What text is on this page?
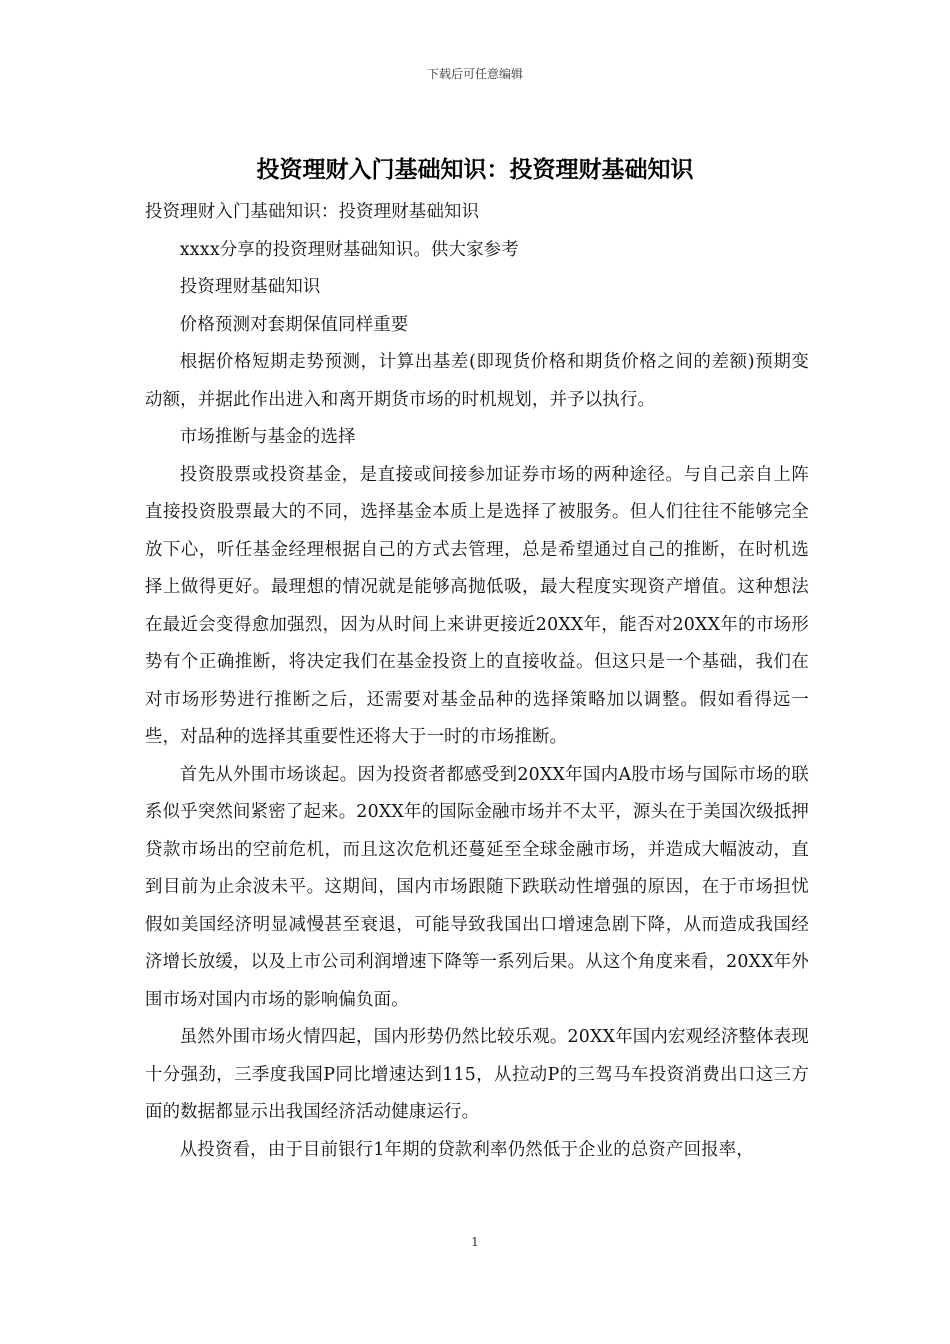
下载后可任意编辑
投资理财入门基础知识：投资理财基础知识

投资理财入门基础知识：投资理财基础知识

xxxx分享的投资理财基础知识。供大家参考

投资理财基础知识

价格预测对套期保值同样重要

根据价格短期走势预测，计算出基差(即现货价格和期货价格之间的差额)预期变动额，并据此作出进入和离开期货市场的时机规划，并予以执行。

市场推断与基金的选择

投资股票或投资基金，是直接或间接参加证券市场的两种途径。与自己亲自上阵直接投资股票最大的不同，选择基金本质上是选择了被服务。但人们往往不能够完全放下心，听任基金经理根据自己的方式去管理，总是希望通过自己的推断，在时机选择上做得更好。最理想的情况就是能够高抛低吸，最大程度实现资产增值。这种想法在最近会变得愈加强烈，因为从时间上来讲更接近20XX年，能否对20XX年的市场形势有个正确推断，将决定我们在基金投资上的直接收益。但这只是一个基础，我们在对市场形势进行推断之后，还需要对基金品种的选择策略加以调整。假如看得远一些，对品种的选择其重要性还将大于一时的市场推断。

首先从外围市场谈起。因为投资者都感受到20XX年国内A股市场与国际市场的联系似乎突然间紧密了起来。20XX年的国际金融市场并不太平，源头在于美国次级抵押贷款市场出的空前危机，而且这次危机还蔓延至全球金融市场，并造成大幅波动，直到目前为止余波未平。这期间，国内市场跟随下跌联动性增强的原因，在于市场担忧假如美国经济明显减慢甚至衰退，可能导致我国出口增速急剧下降，从而造成我国经济增长放缓，以及上市公司利润增速下降等一系列后果。从这个角度来看，20XX年外围市场对国内市场的影响偏负面。

虽然外围市场火情四起，国内形势仍然比较乐观。20XX年国内宏观经济整体表现十分强劲，三季度我国P同比增速达到115，从拉动P的三驾马车投资消费出口这三方面的数据都显示出我国经济活动健康运行。

从投资看，由于目前银行1年期的贷款利率仍然低于企业的总资产回报率，

1
